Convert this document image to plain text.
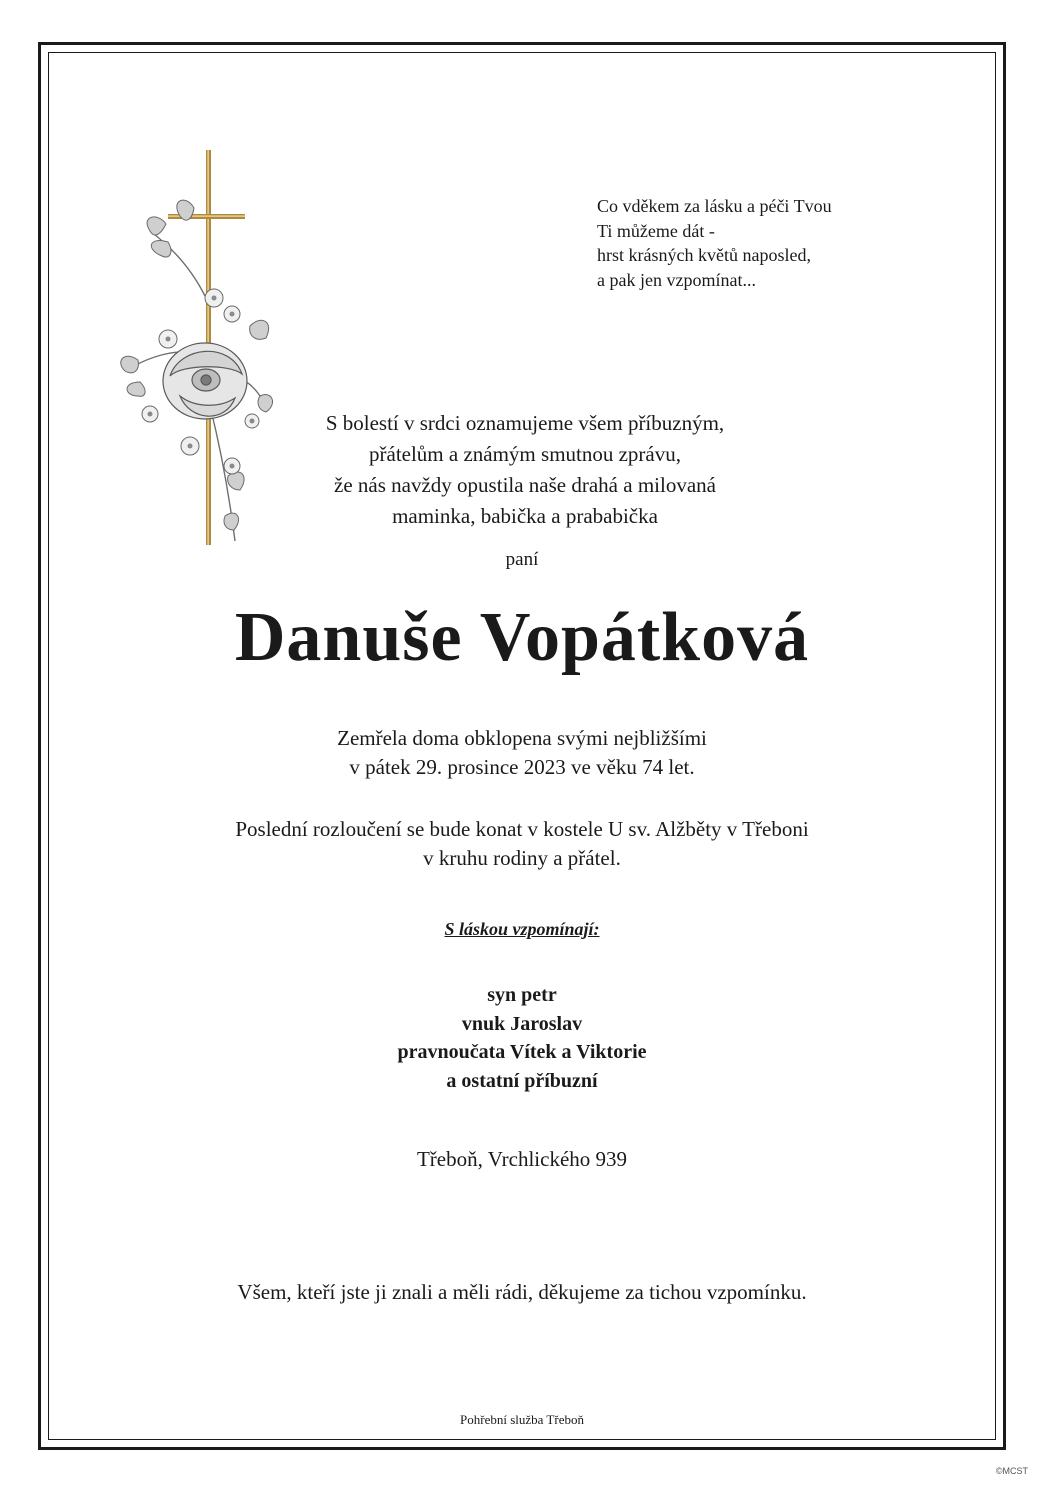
Co vděkem za lásku a péči Tvou
Ti můžeme dát -
hrst krásných květů naposled,
a pak jen vzpomínat...
S bolestí v srdci oznamujeme všem příbuzným,
přátelům a známým smutnou zprávu,
že nás navždy opustila naše drahá a milovaná
maminka, babička a prababička
paní
Danuše Vopátková
Zemřela doma obklopena svými nejbližšími
v pátek 29. prosince 2023 ve věku 74 let.
Poslední rozloučení se bude konat v kostele U sv. Alžběty v Třeboni
v kruhu rodiny a přátel.
S láskou vzpomínají:
syn petr
vnuk Jaroslav
pravnoučata Vítek a Viktorie
a ostatní příbuzní
Třeboň, Vrchlického 939
Všem, kteří jste ji znali a měli rádi, děkujeme za tichou vzpomínku.
Pohřební služba Třeboň
©MCST
